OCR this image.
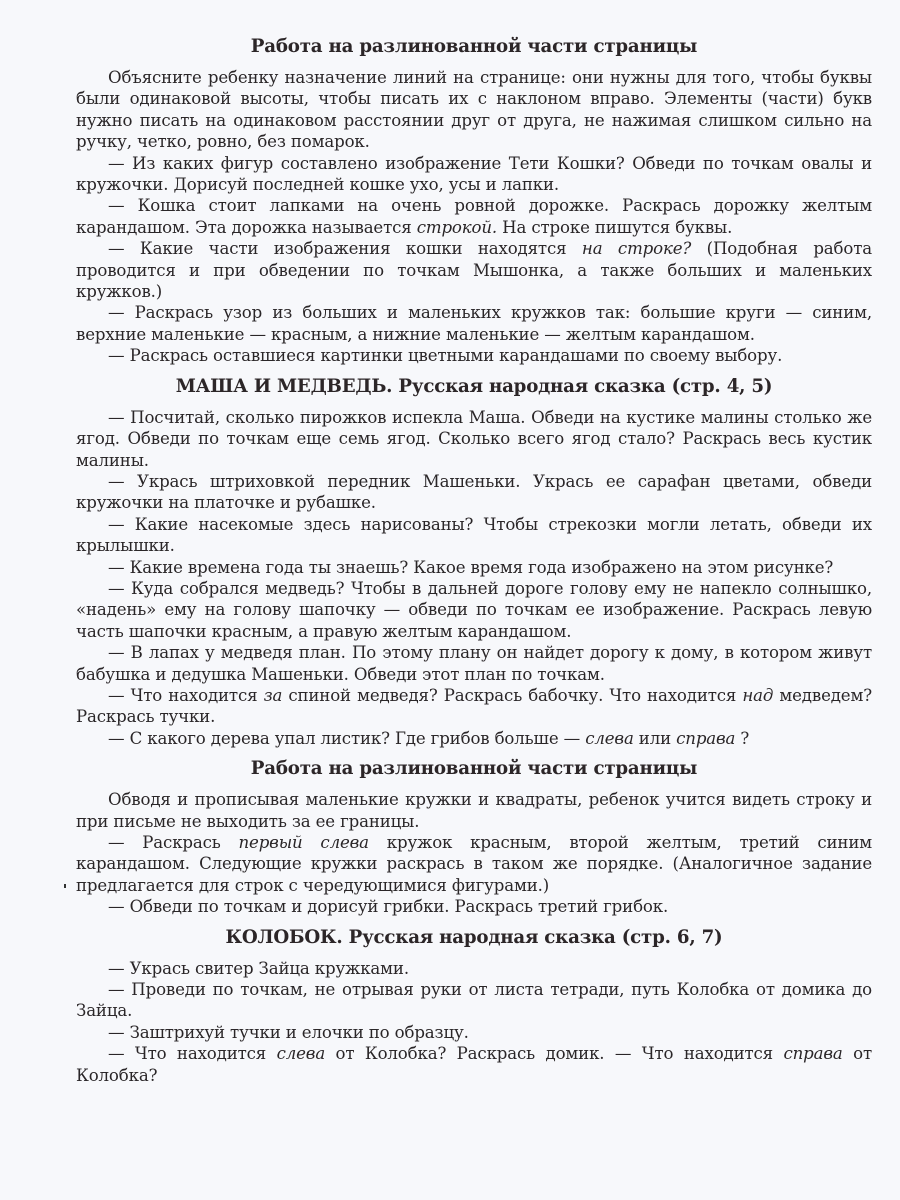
Работа на разлинованной части страницы

Объясните ребенку назначение линий на странице: они нужны для того, чтобы буквы были одинаковой высоты, чтобы писать их с наклоном вправо. Элементы (части) букв нужно писать на одинаковом расстоянии друг от друга, не нажимая слишком сильно на ручку, четко, ровно, без помарок.

— Из каких фигур составлено изображение Тети Кошки? Обведи по точкам овалы и кружочки. Дорисуй последней кошке ухо, усы и лапки.

— Кошка стоит лапками на очень ровной дорожке. Раскрась дорожку желтым карандашом. Эта дорожка называется строкой. На строке пишутся буквы.

— Какие части изображения кошки находятся на строке? (Подобная работа проводится и при обведении по точкам Мышонка, а также больших и маленьких кружков.)

— Раскрась узор из больших и маленьких кружков так: большие круги — синим, верхние маленькие — красным, а нижние маленькие — желтым карандашом.

— Раскрась оставшиеся картинки цветными карандашами по своему выбору.

МАША И МЕДВЕДЬ. Русская народная сказка (стр. 4, 5)

— Посчитай, сколько пирожков испекла Маша. Обведи на кустике малины столько же ягод. Обведи по точкам еще семь ягод. Сколько всего ягод стало? Раскрась весь кустик малины.

— Укрась штриховкой передник Машеньки. Укрась ее сарафан цветами, обведи кружочки на платочке и рубашке.

— Какие насекомые здесь нарисованы? Чтобы стрекозки могли летать, обведи их крылышки.

— Какие времена года ты знаешь? Какое время года изображено на этом рисунке?

— Куда собрался медведь? Чтобы в дальней дороге голову ему не напекло солнышко, «надень» ему на голову шапочку — обведи по точкам ее изображение. Раскрась левую часть шапочки красным, а правую желтым карандашом.

— В лапах у медведя план. По этому плану он найдет дорогу к дому, в котором живут бабушка и дедушка Машеньки. Обведи этот план по точкам.

— Что находится за спиной медведя? Раскрась бабочку. Что находится над медведем? Раскрась тучки.

— С какого дерева упал листик? Где грибов больше — слева или справа ?

Работа на разлинованной части страницы

Обводя и прописывая маленькие кружки и квадраты, ребенок учится видеть строку и при письме не выходить за ее границы.

— Раскрась первый слева кружок красным, второй желтым, третий синим карандашом. Следующие кружки раскрась в таком же порядке. (Аналогичное задание предлагается для строк с чередующимися фигурами.)

— Обведи по точкам и дорисуй грибки. Раскрась третий грибок.

КОЛОБОК. Русская народная сказка (стр. 6, 7)

— Укрась свитер Зайца кружками.

— Проведи по точкам, не отрывая руки от листа тетради, путь Колобка от домика до Зайца.

— Заштрихуй тучки и елочки по образцу.

— Что находится слева от Колобка? Раскрась домик. — Что находится справа от Колобка?
